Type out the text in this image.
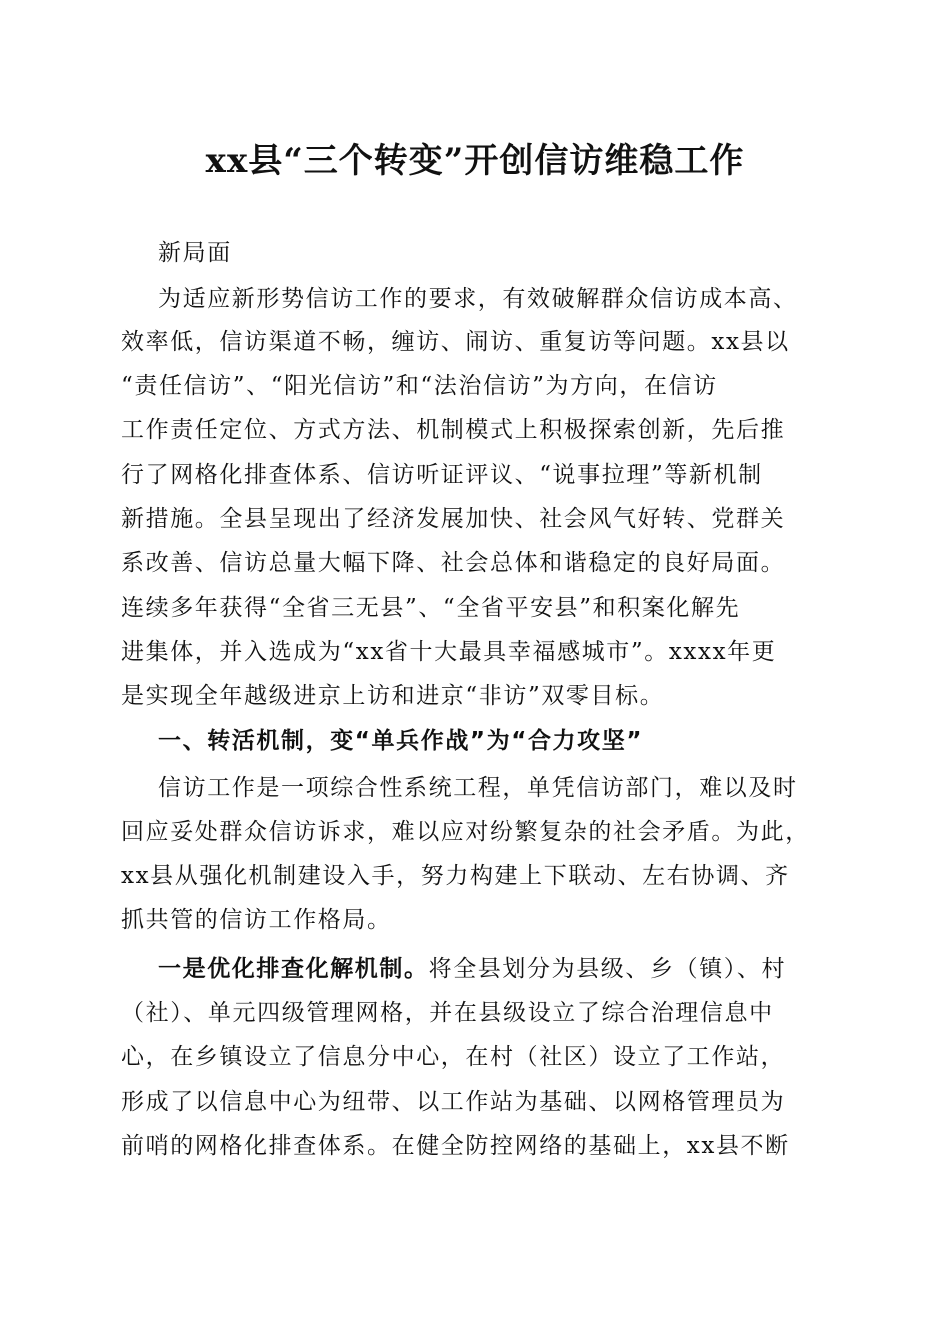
xx县“三个转变”开创信访维稳工作
新局面
为适应新形势信访工作的要求，有效破解群众信访成本高、
效率低，信访渠道不畅，缠访、闹访、重复访等问题。xx县以
“责任信访”、“阳光信访”和“法治信访”为方向，在信访
工作责任定位、方式方法、机制模式上积极探索创新，先后推
行了网格化排查体系、信访听证评议、“说事拉理”等新机制
新措施。全县呈现出了经济发展加快、社会风气好转、党群关
系改善、信访总量大幅下降、社会总体和谐稳定的良好局面。
连续多年获得“全省三无县”、“全省平安县”和积案化解先
进集体，并入选成为“xx省十大最具幸福感城市”。xxxx年更
是实现全年越级进京上访和进京“非访”双零目标。
一、转活机制，变“单兵作战”为“合力攻坚”
信访工作是一项综合性系统工程，单凭信访部门，难以及时
回应妥处群众信访诉求，难以应对纷繁复杂的社会矛盾。为此，
xx县从强化机制建设入手，努力构建上下联动、左右协调、齐
抓共管的信访工作格局。
一是优化排查化解机制。将全县划分为县级、乡（镇）、村
（社）、单元四级管理网格，并在县级设立了综合治理信息中
心，在乡镇设立了信息分中心，在村（社区）设立了工作站，
形成了以信息中心为纽带、以工作站为基础、以网格管理员为
前哨的网格化排查体系。在健全防控网络的基础上，xx县不断
